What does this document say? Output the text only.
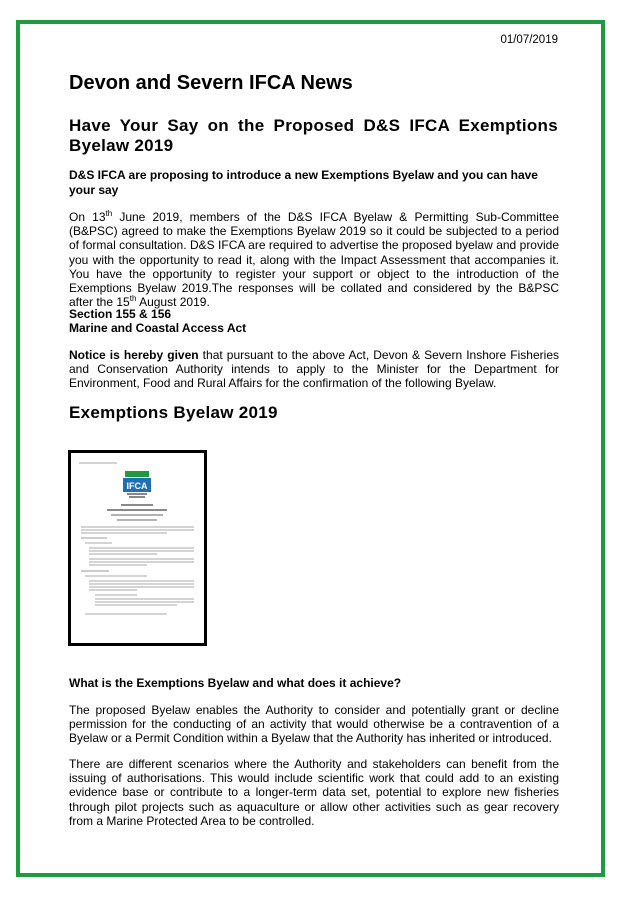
01/07/2019
Devon and Severn IFCA News
Have Your Say on the Proposed D&S IFCA Exemptions Byelaw 2019

D&S IFCA are proposing to introduce a new Exemptions Byelaw and you can have your say

On 13th June 2019, members of the D&S IFCA Byelaw & Permitting Sub-Committee (B&PSC) agreed to make the Exemptions Byelaw 2019 so it could be subjected to a period of formal consultation. D&S IFCA are required to advertise the proposed byelaw and provide you with the opportunity to read it, along with the Impact Assessment that accompanies it. You have the opportunity to register your support or object to the introduction of the Exemptions Byelaw 2019.The responses will be collated and considered by the B&PSC after the 15th August 2019.

Section 155 & 156
Marine and Coastal Access Act

Notice is hereby given that pursuant to the above Act, Devon & Severn Inshore Fisheries and Conservation Authority intends to apply to the Minister for the Department for Environment, Food and Rural Affairs for the confirmation of the following Byelaw.

Exemptions Byelaw 2019
IFCA

What is the Exemptions Byelaw and what does it achieve?

The proposed Byelaw enables the Authority to consider and potentially grant or decline permission for the conducting of an activity that would otherwise be a contravention of a Byelaw or a Permit Condition within a Byelaw that the Authority has inherited or introduced.

There are different scenarios where the Authority and stakeholders can benefit from the issuing of authorisations. This would include scientific work that could add to an existing evidence base or contribute to a longer-term data set, potential to explore new fisheries through pilot projects such as aquaculture or allow other activities such as gear recovery from a Marine Protected Area to be controlled.
